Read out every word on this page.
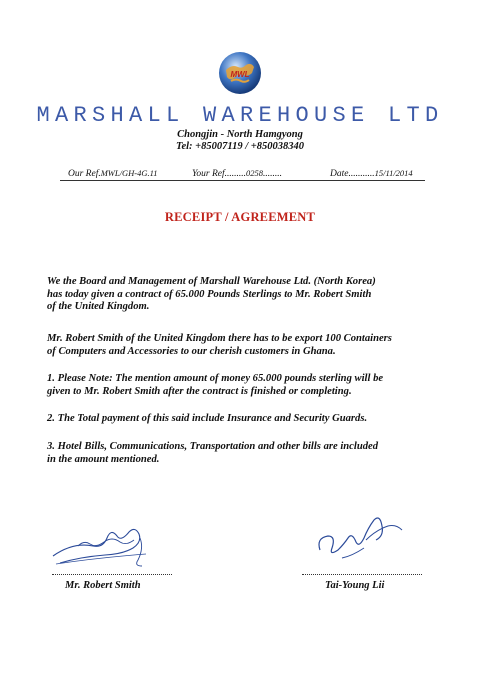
MWL
MARSHALL WAREHOUSE LTD
Chongjin - North Hamgyong
Tel: +85007119 / +850038340
Our Ref.MWL/GH-4G.11	Your Ref.........0258........	Date...........15/11/2014
RECEIPT / AGREEMENT
We the Board and Management of Marshall Warehouse Ltd. (North Korea)
has today given a contract of 65.000 Pounds Sterlings to Mr. Robert Smith
of the United Kingdom.
Mr. Robert Smith of the United Kingdom there has to be export 100 Containers
of Computers and Accessories to our cherish customers in Ghana.
1. Please Note: The mention amount of money 65.000 pounds sterling will be
given to Mr. Robert Smith after the contract is finished or completing.
2. The Total payment of this said include Insurance and Security Guards.
3. Hotel Bills, Communications, Transportation and other bills are included
in the amount mentioned.
Mr. Robert Smith	Tai-Young Lii
